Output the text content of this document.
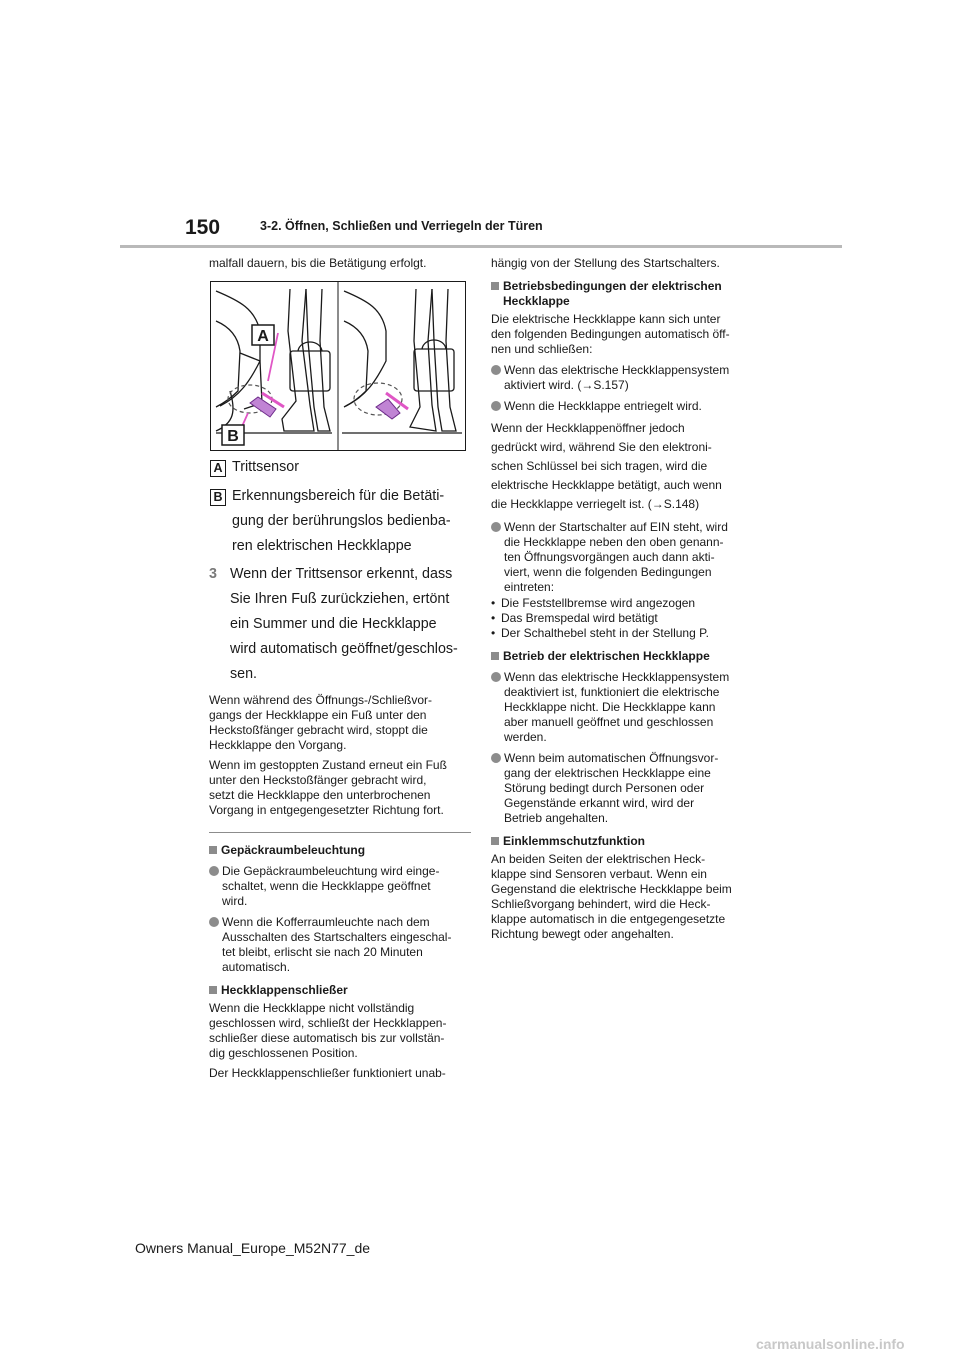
150	3-2. Öffnen, Schließen und Verriegeln der Türen

malfall dauern, bis die Betätigung erfolgt.

A
B
A Trittsensor
B Erkennungsbereich für die Betäti-
gung der berührungslos bedienba-
ren elektrischen Heckklappe
3 Wenn der Trittsensor erkennt, dass
Sie Ihren Fuß zurückziehen, ertönt
ein Summer und die Heckklappe
wird automatisch geöffnet/geschlos-
sen.

Wenn während des Öffnungs-/Schließvor-
gangs der Heckklappe ein Fuß unter den
Heckstoßfänger gebracht wird, stoppt die
Heckklappe den Vorgang.

Wenn im gestoppten Zustand erneut ein Fuß
unter den Heckstoßfänger gebracht wird,
setzt die Heckklappe den unterbrochenen
Vorgang in entgegengesetzter Richtung fort.

Gepäckraumbeleuchtung
Die Gepäckraumbeleuchtung wird einge-
schaltet, wenn die Heckklappe geöffnet
wird.
Wenn die Kofferraumleuchte nach dem
Ausschalten des Startschalters eingeschal-
tet bleibt, erlischt sie nach 20 Minuten
automatisch.
Heckklappenschließer

Wenn die Heckklappe nicht vollständig
geschlossen wird, schließt der Heckklappen-
schließer diese automatisch bis zur vollstän-
dig geschlossenen Position.

Der Heckklappenschließer funktioniert unab-

hängig von der Stellung des Startschalters.

Betriebsbedingungen der elektrischen
Heckklappe

Die elektrische Heckklappe kann sich unter
den folgenden Bedingungen automatisch öff-
nen und schließen:

Wenn das elektrische Heckklappensystem
aktiviert wird. (→S.157)
Wenn die Heckklappe entriegelt wird.

Wenn der Heckklappenöffner jedoch
gedrückt wird, während Sie den elektroni-
schen Schlüssel bei sich tragen, wird die
elektrische Heckklappe betätigt, auch wenn
die Heckklappe verriegelt ist. (→S.148)

Wenn der Startschalter auf EIN steht, wird
die Heckklappe neben den oben genann-
ten Öffnungsvorgängen auch dann akti-
viert, wenn die folgenden Bedingungen
eintreten:
• Die Feststellbremse wird angezogen
• Das Bremspedal wird betätigt
• Der Schalthebel steht in der Stellung P.
Betrieb der elektrischen Heckklappe
Wenn das elektrische Heckklappensystem
deaktiviert ist, funktioniert die elektrische
Heckklappe nicht. Die Heckklappe kann
aber manuell geöffnet und geschlossen
werden.
Wenn beim automatischen Öffnungsvor-
gang der elektrischen Heckklappe eine
Störung bedingt durch Personen oder
Gegenstände erkannt wird, wird der
Betrieb angehalten.
Einklemmschutzfunktion

An beiden Seiten der elektrischen Heck-
klappe sind Sensoren verbaut. Wenn ein
Gegenstand die elektrische Heckklappe beim
Schließvorgang behindert, wird die Heck-
klappe automatisch in die entgegengesetzte
Richtung bewegt oder angehalten.

Owners Manual_Europe_M52N77_de
carmanualsonline.info
